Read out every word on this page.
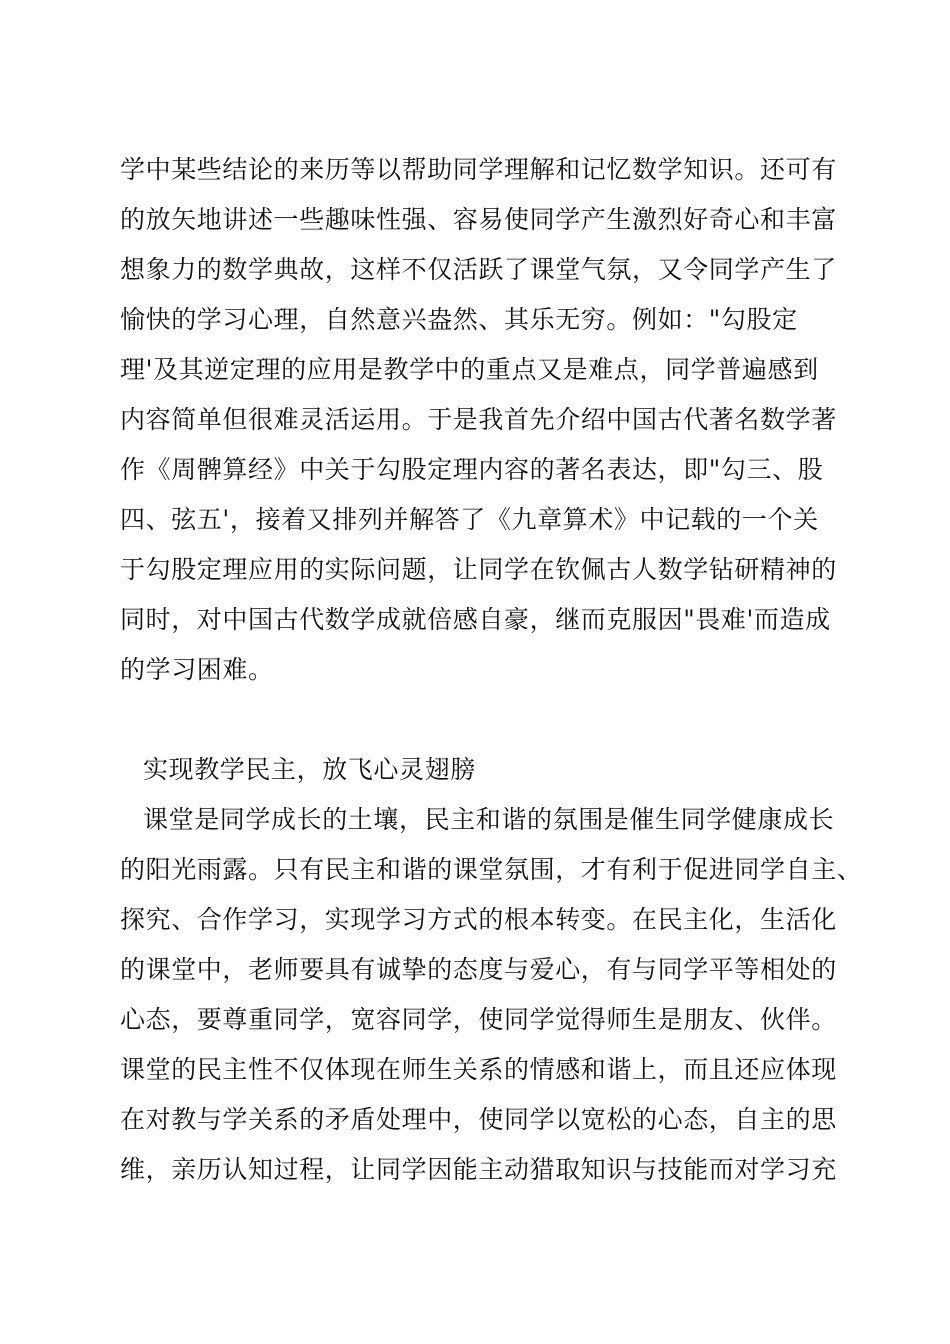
学中某些结论的来历等以帮助同学理解和记忆数学知识。还可有
的放矢地讲述一些趣味性强、容易使同学产生激烈好奇心和丰富
想象力的数学典故，这样不仅活跃了课堂气氛，又令同学产生了
愉快的学习心理，自然意兴盎然、其乐无穷。例如："勾股定
理'及其逆定理的应用是教学中的重点又是难点，同学普遍感到
内容简单但很难灵活运用。于是我首先介绍中国古代著名数学著
作《周髀算经》中关于勾股定理内容的著名表达，即"勾三、股
四、弦五'，接着又排列并解答了《九章算术》中记载的一个关
于勾股定理应用的实际问题，让同学在钦佩古人数学钻研精神的
同时，对中国古代数学成就倍感自豪，继而克服因"畏难'而造成
的学习困难。
实现教学民主，放飞心灵翅膀
课堂是同学成长的土壤，民主和谐的氛围是催生同学健康成长
的阳光雨露。只有民主和谐的课堂氛围，才有利于促进同学自主、
探究、合作学习，实现学习方式的根本转变。在民主化，生活化
的课堂中，老师要具有诚挚的态度与爱心，有与同学平等相处的
心态，要尊重同学，宽容同学，使同学觉得师生是朋友、伙伴。
课堂的民主性不仅体现在师生关系的情感和谐上，而且还应体现
在对教与学关系的矛盾处理中，使同学以宽松的心态，自主的思
维，亲历认知过程，让同学因能主动猎取知识与技能而对学习充
